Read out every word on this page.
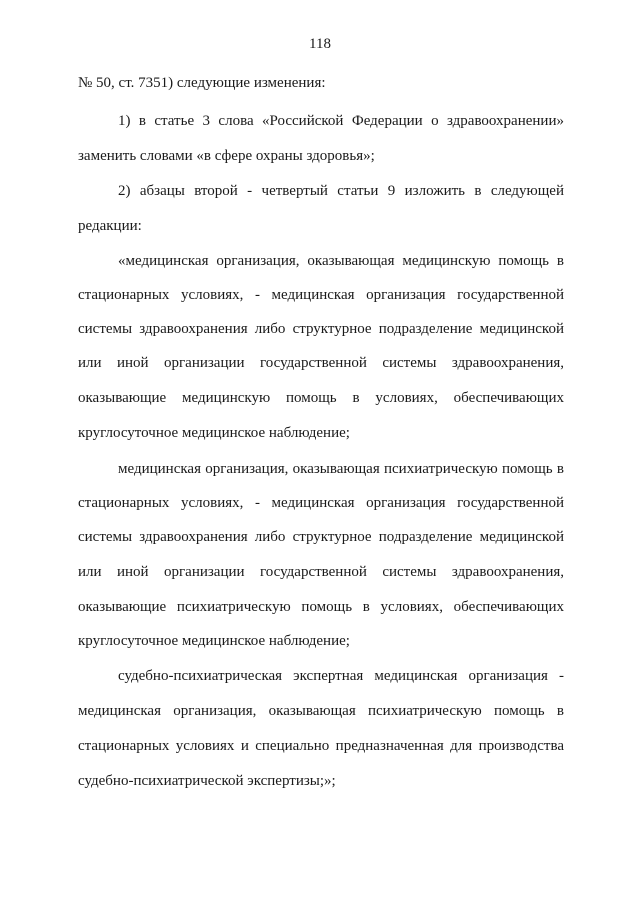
118
№ 50, ст. 7351) следующие изменения:
1) в статье 3 слова «Российской Федерации о здравоохранении»
заменить словами «в сфере охраны здоровья»;
2) абзацы второй - четвертый статьи 9 изложить в следующей
редакции:
«медицинская организация, оказывающая медицинскую помощь в
стационарных условиях, - медицинская организация государственной
системы здравоохранения либо структурное подразделение медицинской
или иной организации государственной системы здравоохранения,
оказывающие медицинскую помощь в условиях, обеспечивающих
круглосуточное медицинское наблюдение;
медицинская организация, оказывающая психиатрическую помощь в
стационарных условиях, - медицинская организация государственной
системы здравоохранения либо структурное подразделение медицинской
или иной организации государственной системы здравоохранения,
оказывающие психиатрическую помощь в условиях, обеспечивающих
круглосуточное медицинское наблюдение;
судебно-психиатрическая экспертная медицинская организация -
медицинская организация, оказывающая психиатрическую помощь в
стационарных условиях и специально предназначенная для производства
судебно-психиатрической экспертизы;»;
